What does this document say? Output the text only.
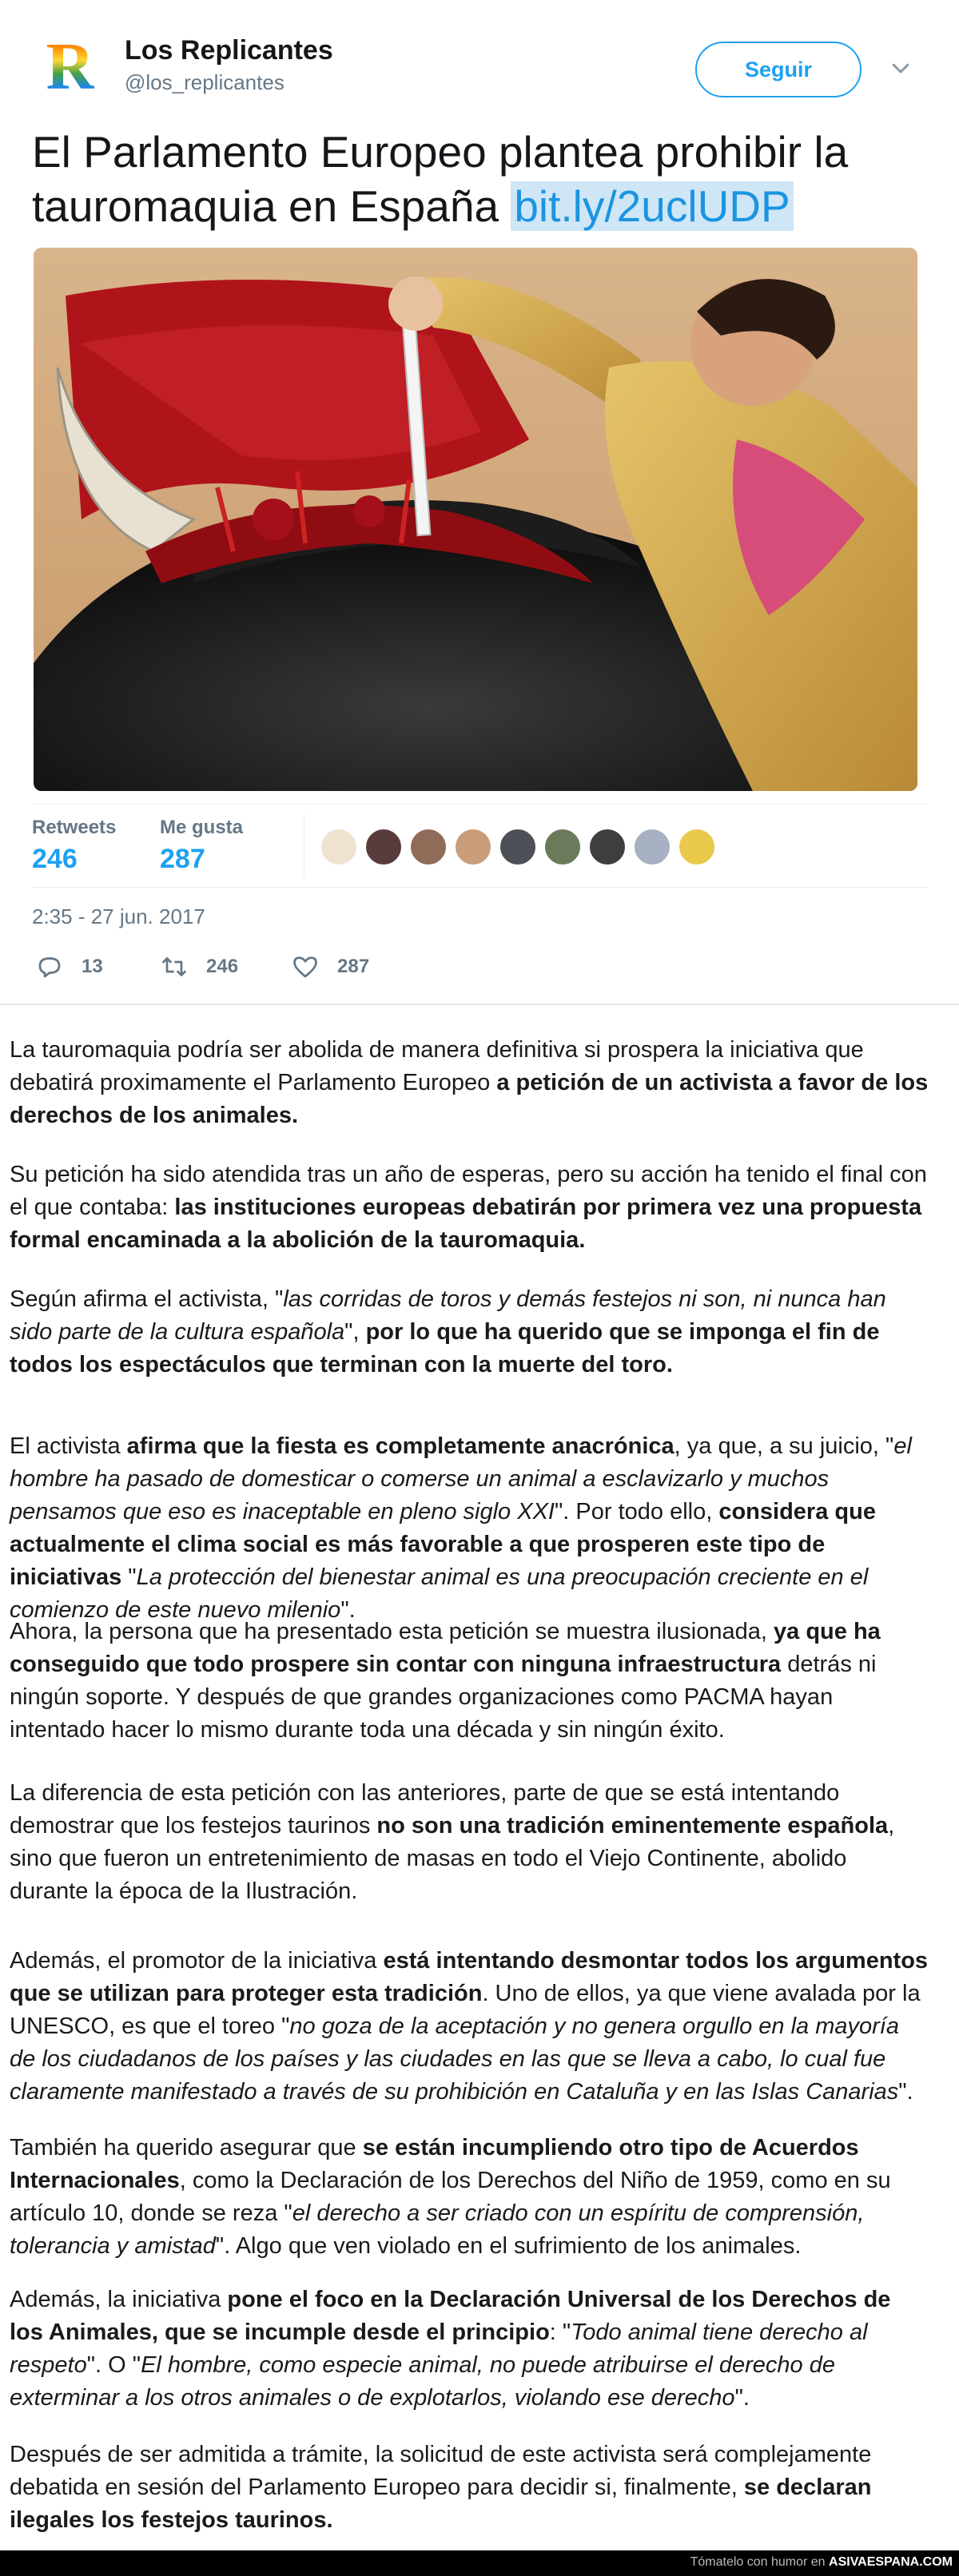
R Los Replicantes
@los_replicantes
Seguir
El Parlamento Europeo plantea prohibir la tauromaquia en España bit.ly/2uclUDP
Retweets
246
Me gusta
287
2:35 - 27 jun. 2017
13	246	287

La tauromaquia podría ser abolida de manera definitiva si prospera la iniciativa que debatirá proximamente el Parlamento Europeo a petición de un activista a favor de los derechos de los animales.

Su petición ha sido atendida tras un año de esperas, pero su acción ha tenido el final con el que contaba: las instituciones europeas debatirán por primera vez una propuesta formal encaminada a la abolición de la tauromaquia.

Según afirma el activista, "las corridas de toros y demás festejos ni son, ni nunca han sido parte de la cultura española", por lo que ha querido que se imponga el fin de todos los espectáculos que terminan con la muerte del toro.

El activista afirma que la fiesta es completamente anacrónica, ya que, a su juicio, "el hombre ha pasado de domesticar o comerse un animal a esclavizarlo y muchos pensamos que eso es inaceptable en pleno siglo XXI". Por todo ello, considera que actualmente el clima social es más favorable a que prosperen este tipo de iniciativas "La protección del bienestar animal es una preocupación creciente en el comienzo de este nuevo milenio".

Ahora, la persona que ha presentado esta petición se muestra ilusionada, ya que ha conseguido que todo prospere sin contar con ninguna infraestructura detrás ni ningún soporte. Y después de que grandes organizaciones como PACMA hayan intentado hacer lo mismo durante toda una década y sin ningún éxito.

La diferencia de esta petición con las anteriores, parte de que se está intentando demostrar que los festejos taurinos no son una tradición eminentemente española, sino que fueron un entretenimiento de masas en todo el Viejo Continente, abolido durante la época de la Ilustración.

Además, el promotor de la iniciativa está intentando desmontar todos los argumentos que se utilizan para proteger esta tradición. Uno de ellos, ya que viene avalada por la UNESCO, es que el toreo "no goza de la aceptación y no genera orgullo en la mayoría de los ciudadanos de los países y las ciudades en las que se lleva a cabo, lo cual fue claramente manifestado a través de su prohibición en Cataluña y en las Islas Canarias".

También ha querido asegurar que se están incumpliendo otro tipo de Acuerdos Internacionales, como la Declaración de los Derechos del Niño de 1959, como en su artículo 10, donde se reza "el derecho a ser criado con un espíritu de comprensión, tolerancia y amistad". Algo que ven violado en el sufrimiento de los animales.

Además, la iniciativa pone el foco en la Declaración Universal de los Derechos de los Animales, que se incumple desde el principio: "Todo animal tiene derecho al respeto". O "El hombre, como especie animal, no puede atribuirse el derecho de exterminar a los otros animales o de explotarlos, violando ese derecho".

Después de ser admitida a trámite, la solicitud de este activista será complejamente debatida en sesión del Parlamento Europeo para decidir si, finalmente, se declaran ilegales los festejos taurinos.

Tómatelo con humor en ASIVAESPANA.COM
